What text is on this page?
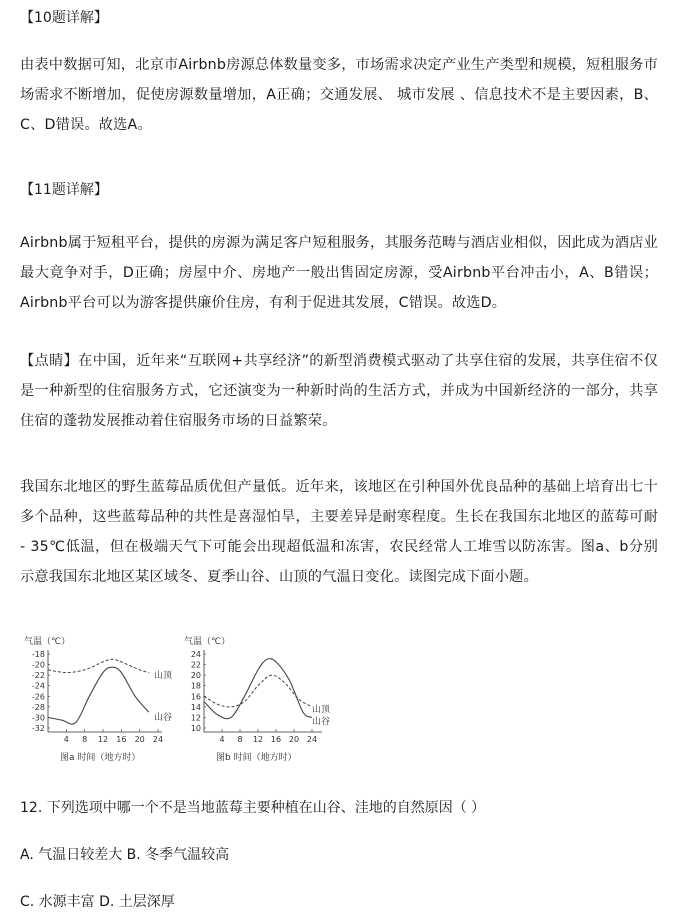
【10题详解】

由表中数据可知，北京市Airbnb房源总体数量变多，市场需求决定产业生产类型和规模，短租服务市场需求不断增加，促使房源数量增加，A正确；交通发展、 城市发展 、信息技术不是主要因素，B、C、D错误。故选A。

【11题详解】

Airbnb属于短租平台，提供的房源为满足客户短租服务，其服务范畴与酒店业相似，因此成为酒店业最大竟争对手，D正确；房屋中介、房地产一般出售固定房源，受Airbnb平台冲击小，A、B错误；Airbnb平台可以为游客提供廉价住房，有利于促进其发展，C错误。故选D。

【点睛】在中国，近年来“互联网+共享经济”的新型消费模式驱动了共享住宿的发展，共享住宿不仅是一种新型的住宿服务方式，它还演变为一种新时尚的生活方式，并成为中国新经济的一部分，共享住宿的蓬勃发展推动着住宿服务市场的日益繁荣。

我国东北地区的野生蓝莓品质优但产量低。近年来，该地区在引种国外优良品种的基础上培育出七十多个品种，这些蓝莓品种的共性是喜湿怕旱，主要差异是耐寒程度。生长在我国东北地区的蓝莓可耐 - 35℃低温，但在极端天气下可能会出现超低温和冻害，农民经常人工堆雪以防冻害。图a、b分别示意我国东北地区某区域冬、夏季山谷、山顶的气温日变化。读图完成下面小题。

气温（℃）
-18
-20
-22
-24
-26
-28
-30
-32
4 8 12 16 20 24
山顶
山谷
图a 时间（地方时）
气温（℃）
24
22
20
18
16
14
12
10
4 8 12 16 20 24
山顶
山谷
图b 时间（地方时）
12. 下列选项中哪一个不是当地蓝莓主要种植在山谷、洼地的自然原因（ ）
A. 气温日较差大 B. 冬季气温较高
C. 水源丰富 D. 土层深厚
